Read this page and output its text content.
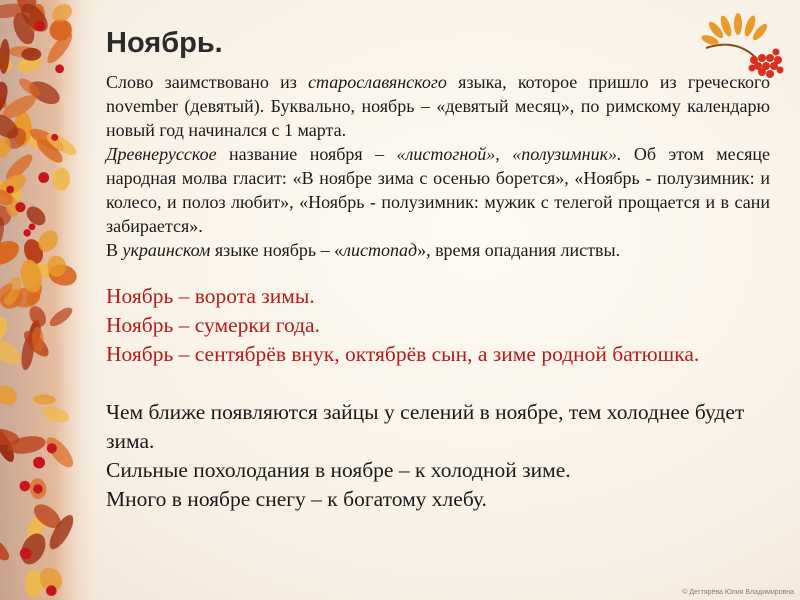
Ноябрь.

Слово заимствовано из старославянского языка, которое пришло из греческого november (девятый). Буквально, ноябрь – «девятый месяц», по римскому календарю новый год начинался с 1 марта.

Древнерусское название ноября – «листогной», «полузимник». Об этом месяце народная молва гласит: «В ноябре зима с осенью борется», «Ноябрь - полузимник: и колесо, и полоз любит», «Ноябрь - полузимник: мужик с телегой прощается и в сани забирается».

В украинском языке ноябрь – «листопад», время опадания листвы.

Ноябрь – ворота зимы.

Ноябрь – сумерки года.

Ноябрь – сентябрёв внук, октябрёв сын, а зиме родной батюшка.

Чем ближе появляются зайцы у селений в ноябре, тем холоднее будет зима.

Сильные похолодания в ноябре – к холодной зиме.

Много в ноябре снегу – к богатому хлебу.

© Дегтярёва Юлия Владимировна
